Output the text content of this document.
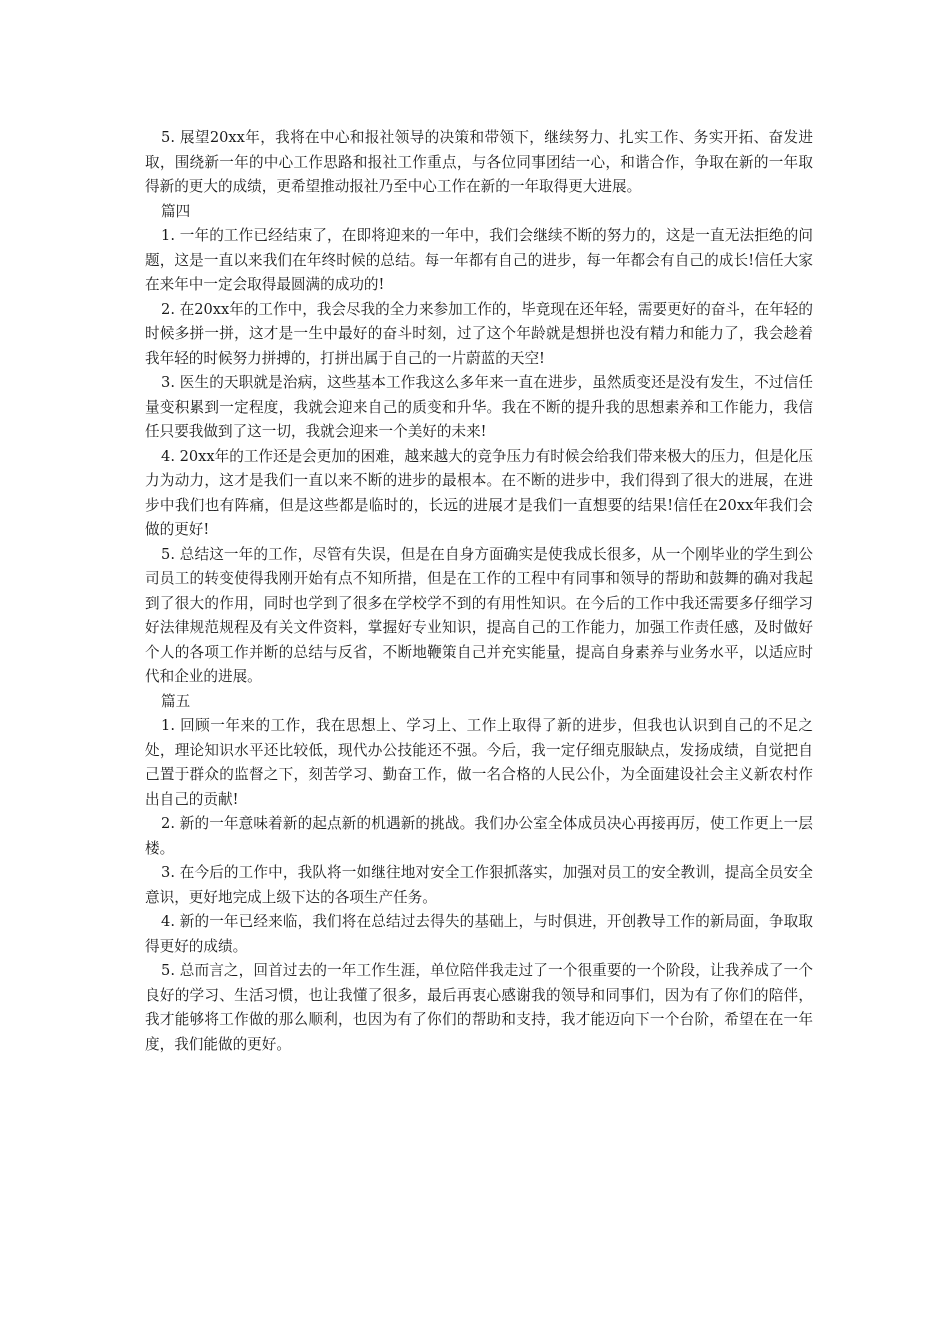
5. 展望20xx年，我将在中心和报社领导的决策和带领下，继续努力、扎实工作、务实开拓、奋发进取，围绕新一年的中心工作思路和报社工作重点，与各位同事团结一心，和谐合作，争取在新的一年取得新的更大的成绩，更希望推动报社乃至中心工作在新的一年取得更大进展。

篇四

1. 一年的工作已经结束了，在即将迎来的一年中，我们会继续不断的努力的，这是一直无法拒绝的问题，这是一直以来我们在年终时候的总结。每一年都有自己的进步，每一年都会有自己的成长!信任大家在来年中一定会取得最圆满的成功的!

2. 在20xx年的工作中，我会尽我的全力来参加工作的，毕竟现在还年轻，需要更好的奋斗，在年轻的时候多拼一拼，这才是一生中最好的奋斗时刻，过了这个年龄就是想拼也没有精力和能力了，我会趁着我年轻的时候努力拼搏的，打拼出属于自己的一片蔚蓝的天空!

3. 医生的天职就是治病，这些基本工作我这么多年来一直在进步，虽然质变还是没有发生，不过信任量变积累到一定程度，我就会迎来自己的质变和升华。我在不断的提升我的思想素养和工作能力，我信任只要我做到了这一切，我就会迎来一个美好的未来!

4. 20xx年的工作还是会更加的困难，越来越大的竞争压力有时候会给我们带来极大的压力，但是化压力为动力，这才是我们一直以来不断的进步的最根本。在不断的进步中，我们得到了很大的进展，在进步中我们也有阵痛，但是这些都是临时的，长远的进展才是我们一直想要的结果!信任在20xx年我们会做的更好!

5. 总结这一年的工作，尽管有失误，但是在自身方面确实是使我成长很多，从一个刚毕业的学生到公司员工的转变使得我刚开始有点不知所措，但是在工作的工程中有同事和领导的帮助和鼓舞的确对我起到了很大的作用，同时也学到了很多在学校学不到的有用性知识。在今后的工作中我还需要多仔细学习好法律规范规程及有关文件资料，掌握好专业知识，提高自己的工作能力，加强工作责任感，及时做好个人的各项工作并断的总结与反省，不断地鞭策自己并充实能量，提高自身素养与业务水平，以适应时代和企业的进展。

篇五

1. 回顾一年来的工作，我在思想上、学习上、工作上取得了新的进步，但我也认识到自己的不足之处，理论知识水平还比较低，现代办公技能还不强。今后，我一定仔细克服缺点，发扬成绩，自觉把自己置于群众的监督之下，刻苦学习、勤奋工作，做一名合格的人民公仆，为全面建设社会主义新农村作出自己的贡献!

2. 新的一年意味着新的起点新的机遇新的挑战。我们办公室全体成员决心再接再厉，使工作更上一层楼。

3. 在今后的工作中，我队将一如继往地对安全工作狠抓落实，加强对员工的安全教训，提高全员安全意识，更好地完成上级下达的各项生产任务。

4. 新的一年已经来临，我们将在总结过去得失的基础上，与时俱进，开创教导工作的新局面，争取取得更好的成绩。

5. 总而言之，回首过去的一年工作生涯，单位陪伴我走过了一个很重要的一个阶段，让我养成了一个良好的学习、生活习惯，也让我懂了很多，最后再衷心感谢我的领导和同事们，因为有了你们的陪伴，我才能够将工作做的那么顺利，也因为有了你们的帮助和支持，我才能迈向下一个台阶，希望在在一年度，我们能做的更好。
